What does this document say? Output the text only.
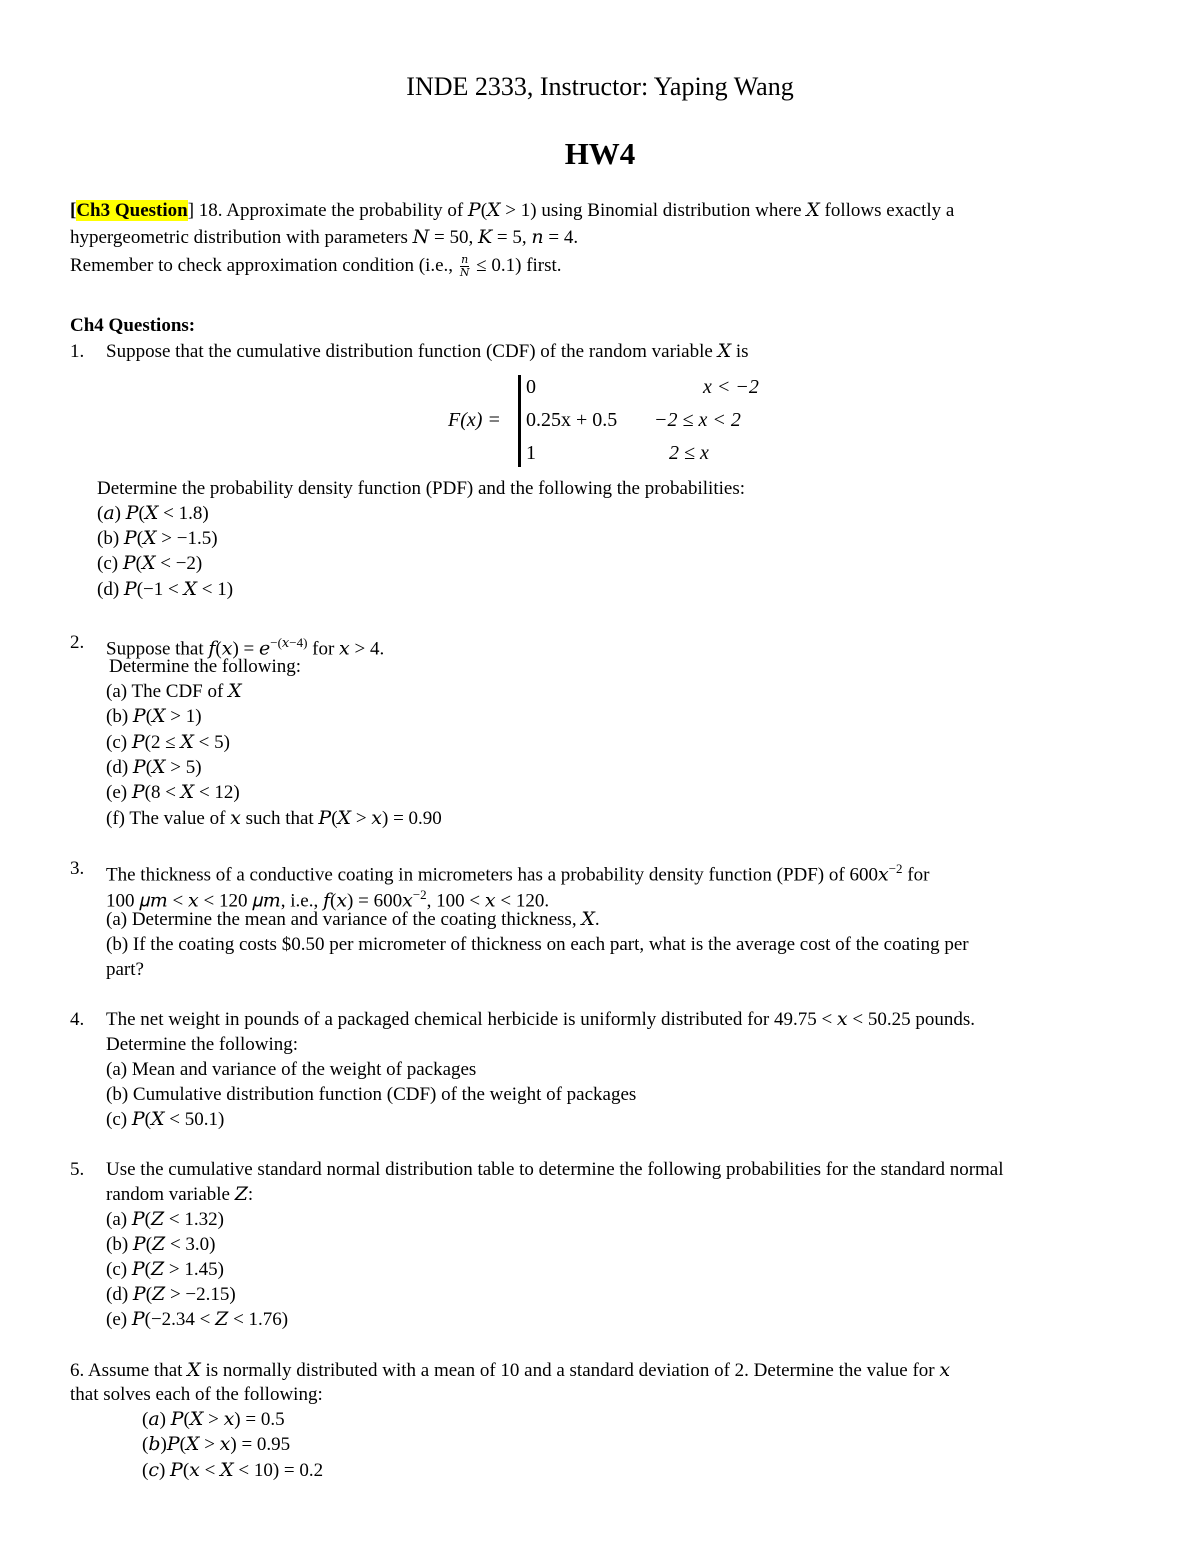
INDE 2333, Instructor: Yaping Wang
HW4
[Ch3 Question] 18. Approximate the probability of 𝑃(𝑋 > 1) using Binomial distribution where 𝑋 follows exactly a
hypergeometric distribution with parameters 𝑁 = 50, 𝐾 = 5, 𝑛 = 4.
Remember to check approximation condition (i.e., 𝑛
𝑁 ≤ 0.1) first.
Ch4 Questions:
1. Suppose that the cumulative distribution function (CDF) of the random variable 𝑋 is
F(x) =
0	x < −2
0.25x + 0.5 −2 ≤ x < 2
1	2 ≤ x
Determine the probability density function (PDF) and the following the probabilities:
(𝑎) 𝑃(𝑋 < 1.8)
(b) 𝑃(𝑋 > −1.5)
(c) 𝑃(𝑋 < −2)
(d) 𝑃(−1 < 𝑋 < 1)
2. Suppose that 𝑓(𝑥) = 𝑒$^{-(𝑥-4)}$ for 𝑥 > 4.
Determine the following:
(a) The CDF of 𝑋
(b) 𝑃(𝑋 > 1)
(c) 𝑃(2 ≤ 𝑋 < 5)
(d) 𝑃(𝑋 > 5)
(e) 𝑃(8 < 𝑋 < 12)
(f) The value of 𝑥 such that 𝑃(𝑋 > 𝑥) = 0.90
3. The thickness of a conductive coating in micrometers has a probability density function (PDF) of 600𝑥$^{-2}$ for
100 𝜇𝑚 < 𝑥 < 120 𝜇𝑚, i.e., 𝑓(𝑥) = 600𝑥$^{-2}$, 100 < 𝑥 < 120.
(a) Determine the mean and variance of the coating thickness, 𝑋.
(b) If the coating costs $0.50 per micrometer of thickness on each part, what is the average cost of the coating per
part?
4. The net weight in pounds of a packaged chemical herbicide is uniformly distributed for 49.75 < 𝑥 < 50.25 pounds.
Determine the following:
(a) Mean and variance of the weight of packages
(b) Cumulative distribution function (CDF) of the weight of packages
(c) 𝑃(𝑋 < 50.1)
5. Use the cumulative standard normal distribution table to determine the following probabilities for the standard normal
random variable 𝑍:
(a) 𝑃(𝑍 < 1.32)
(b) 𝑃(𝑍 < 3.0)
(c) 𝑃(𝑍 > 1.45)
(d) 𝑃(𝑍 > −2.15)
(e) 𝑃(−2.34 < 𝑍 < 1.76)
6. Assume that 𝑋 is normally distributed with a mean of 10 and a standard deviation of 2. Determine the value for 𝑥
that solves each of the following:
(𝑎) 𝑃(𝑋 > 𝑥) = 0.5
(𝑏)𝑃(𝑋 > 𝑥) = 0.95
(𝑐) 𝑃(𝑥 < 𝑋 < 10) = 0.2
